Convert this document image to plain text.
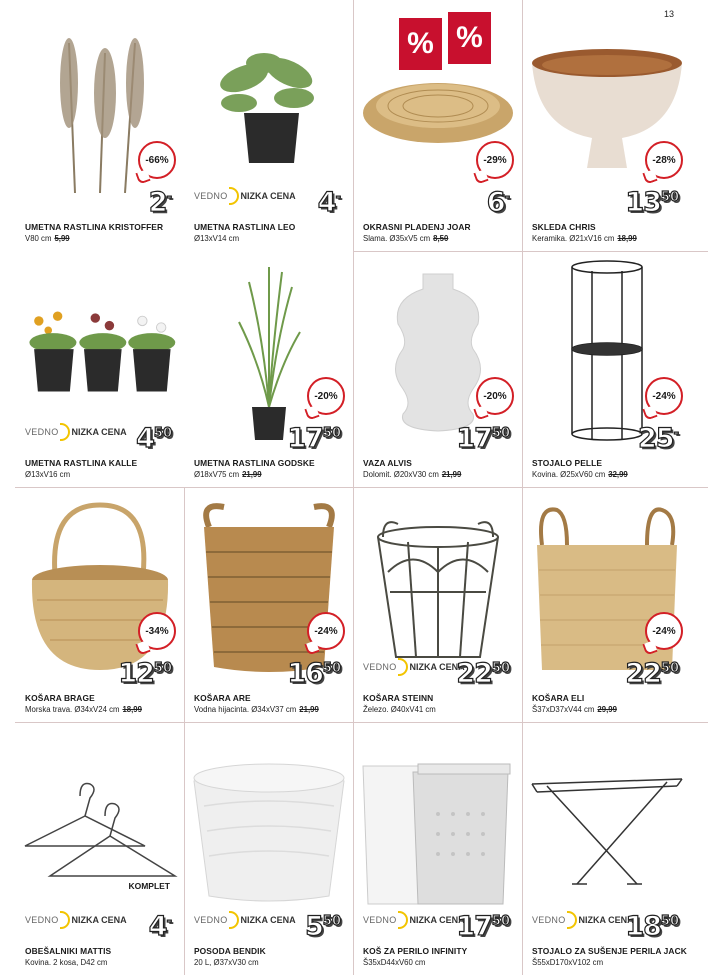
13
-66%
2-
UMETNA RASTLINA KRISTOFFER
V80 cm 5,99
VEDNO NIZKA CENA 4-
UMETNA RASTLINA LEO
Ø13xV14 cm
-29%
6-
OKRASNI PLADENJ JOAR
Slama. Ø35xV5 cm 8,50
-28%
$13^{50}$
SKLEDA CHRIS
Keramika. Ø21xV16 cm 18,99
VEDNO NIZKA CENA $4^{50}$
UMETNA RASTLINA KALLE
Ø13xV16 cm
-20%
$17^{50}$
UMETNA RASTLINA GODSKE
Ø18xV75 cm 21,99
-20%
$17^{50}$
VAZA ALVIS
Dolomit. Ø20xV30 cm 21,99
-24%
25-
STOJALO PELLE
Kovina. Ø25xV60 cm 32,99
-34%
$12^{50}$
KOŠARA BRAGE
Morska trava. Ø34xV24 cm 18,99
-24%
$16^{50}$
KOŠARA ARE
Vodna hijacinta. Ø34xV37 cm 21,99
VEDNO NIZKA CENA
$22^{50}$
KOŠARA STEINN
Železo. Ø40xV41 cm
-24%
$22^{50}$
KOŠARA ELI
Š37xD37xV44 cm 29,99
VEDNO NIZKA CENA
KOMPLET
4-
OBEŠALNIKI MATTIS
Kovina. 2 kosa, D42 cm
VEDNO NIZKA CENA $5^{50}$
POSODA BENDIK
20 L, Ø37xV30 cm
VEDNO NIZKA CENA
$17^{50}$
KOŠ ZA PERILO INFINITY
Š35xD44xV60 cm
VEDNO NIZKA CENA
$18^{50}$
STOJALO ZA SUŠENJE PERILA JACK
Š55xD170xV102 cm
% %
